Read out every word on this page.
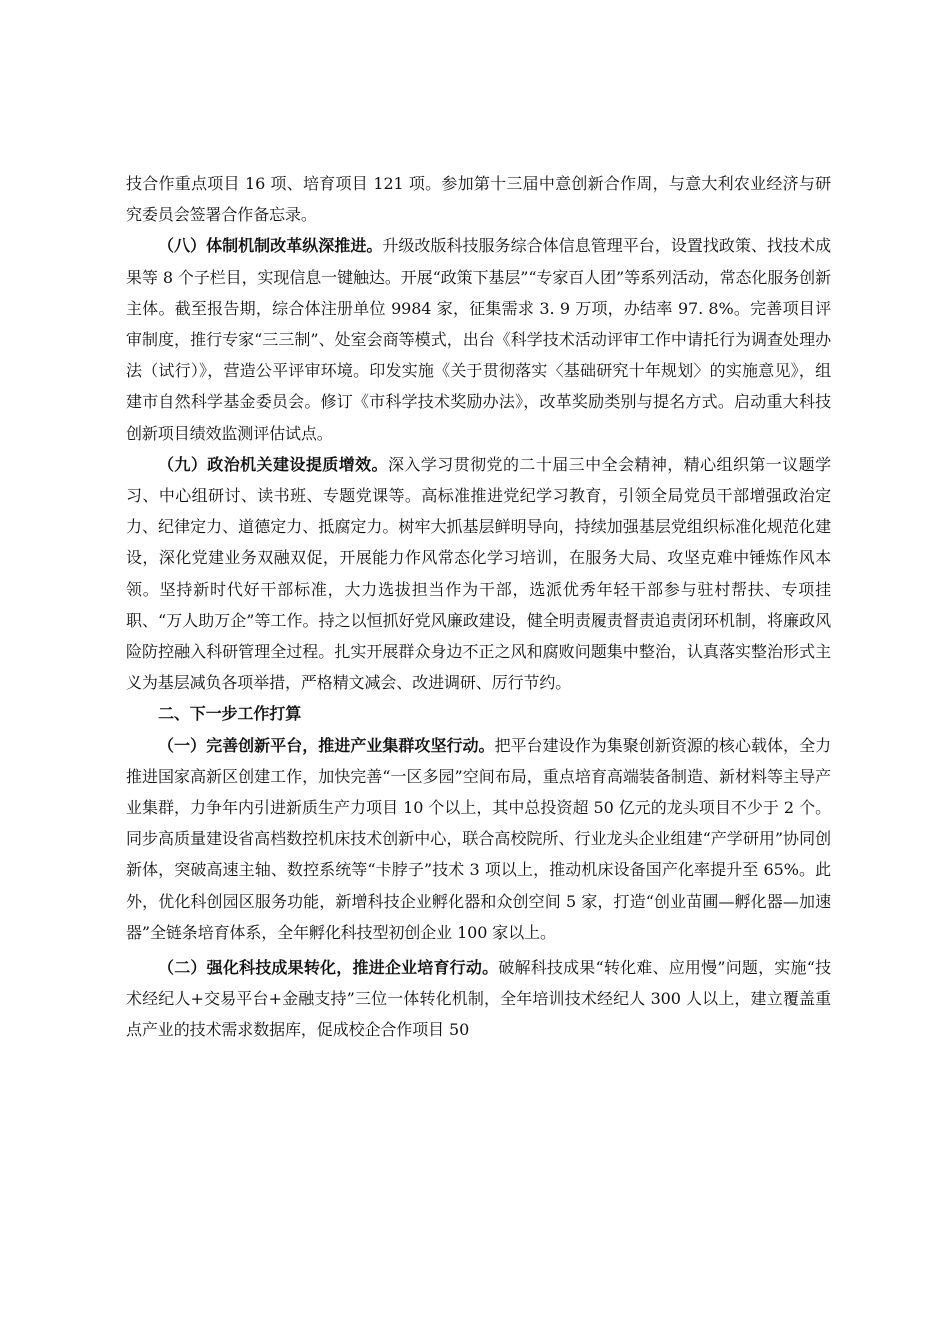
技合作重点项目 16 项、培育项目 121 项。参加第十三届中意创新合作周，与意大利农业经济与研究委员会签署合作备忘录。

（八）体制机制改革纵深推进。升级改版科技服务综合体信息管理平台，设置找政策、找技术成果等 8 个子栏目，实现信息一键触达。开展“政策下基层”“专家百人团”等系列活动，常态化服务创新主体。截至报告期，综合体注册单位 9984 家，征集需求 3. 9 万项，办结率 97. 8%。完善项目评审制度，推行专家“三三制”、处室会商等模式，出台《科学技术活动评审工作中请托行为调查处理办法（试行）》，营造公平评审环境。印发实施《关于贯彻落实〈基础研究十年规划〉的实施意见》，组建市自然科学基金委员会。修订《市科学技术奖励办法》，改革奖励类别与提名方式。启动重大科技创新项目绩效监测评估试点。

（九）政治机关建设提质增效。深入学习贯彻党的二十届三中全会精神，精心组织第一议题学习、中心组研讨、读书班、专题党课等。高标准推进党纪学习教育，引领全局党员干部增强政治定力、纪律定力、道德定力、抵腐定力。树牢大抓基层鲜明导向，持续加强基层党组织标准化规范化建设，深化党建业务双融双促，开展能力作风常态化学习培训，在服务大局、攻坚克难中锤炼作风本领。坚持新时代好干部标准，大力选拔担当作为干部，选派优秀年轻干部参与驻村帮扶、专项挂职、“万人助万企”等工作。持之以恒抓好党风廉政建设，健全明责履责督责追责闭环机制，将廉政风险防控融入科研管理全过程。扎实开展群众身边不正之风和腐败问题集中整治，认真落实整治形式主义为基层减负各项举措，严格精文减会、改进调研、厉行节约。

二、下一步工作打算

（一）完善创新平台，推进产业集群攻坚行动。把平台建设作为集聚创新资源的核心载体，全力推进国家高新区创建工作，加快完善“一区多园”空间布局，重点培育高端装备制造、新材料等主导产业集群，力争年内引进新质生产力项目 10 个以上，其中总投资超 50 亿元的龙头项目不少于 2 个。同步高质量建设省高档数控机床技术创新中心，联合高校院所、行业龙头企业组建“产学研用”协同创新体，突破高速主轴、数控系统等“卡脖子”技术 3 项以上，推动机床设备国产化率提升至 65%。此外，优化科创园区服务功能，新增科技企业孵化器和众创空间 5 家，打造“创业苗圃—孵化器—加速器”全链条培育体系，全年孵化科技型初创企业 100 家以上。

（二）强化科技成果转化，推进企业培育行动。破解科技成果“转化难、应用慢”问题，实施“技术经纪人+交易平台+金融支持”三位一体转化机制，全年培训技术经纪人 300 人以上，建立覆盖重点产业的技术需求数据库，促成校企合作项目 50
